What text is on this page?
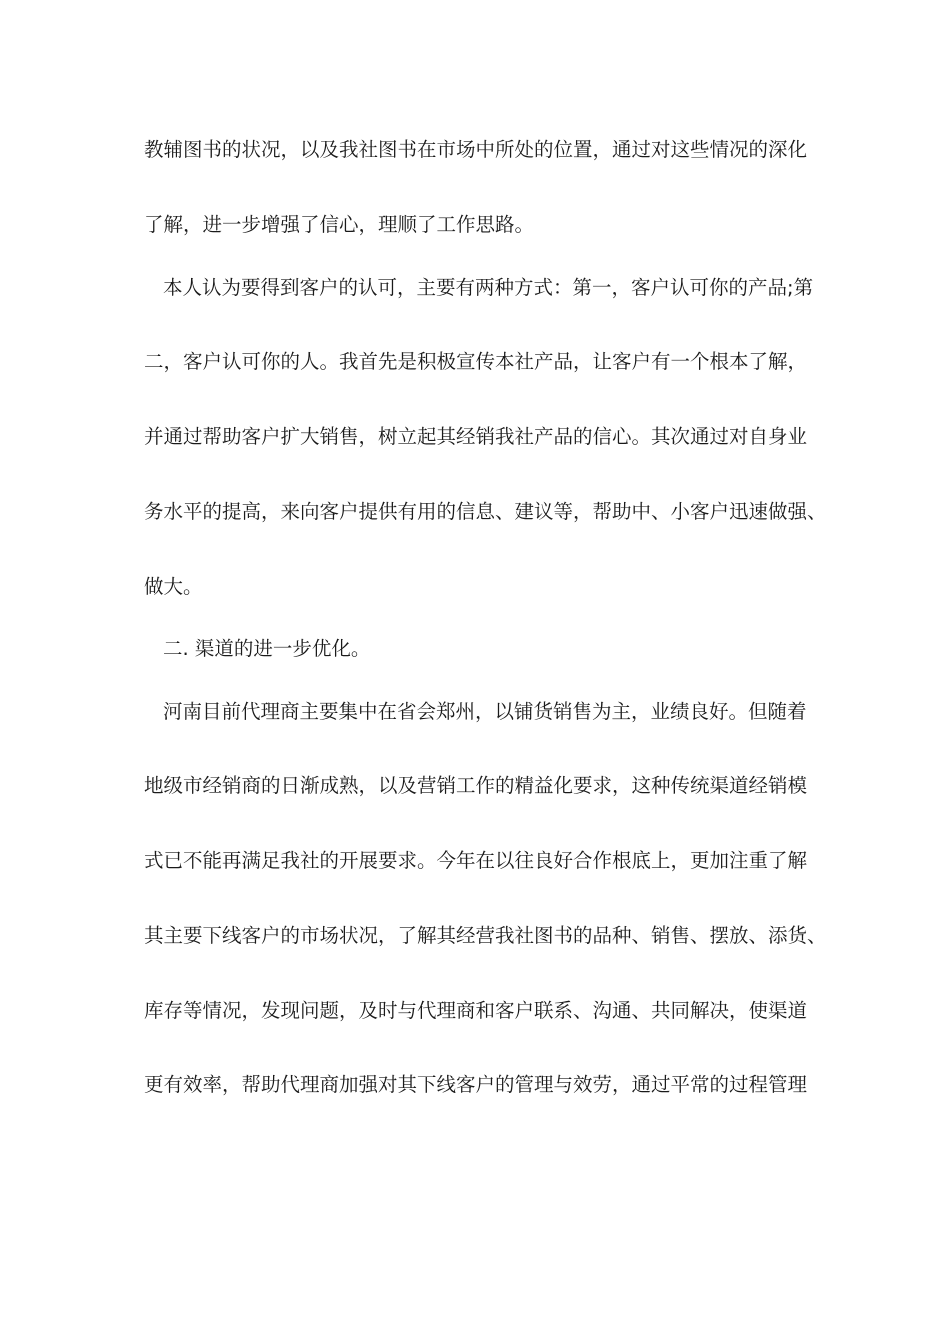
教辅图书的状况，以及我社图书在市场中所处的位置，通过对这些情况的深化
了解，进一步增强了信心，理顺了工作思路。
本人认为要得到客户的认可，主要有两种方式：第一，客户认可你的产品;第
二，客户认可你的人。我首先是积极宣传本社产品，让客户有一个根本了解，
并通过帮助客户扩大销售，树立起其经销我社产品的信心。其次通过对自身业
务水平的提高，来向客户提供有用的信息、建议等，帮助中、小客户迅速做强、
做大。
二. 渠道的进一步优化。
河南目前代理商主要集中在省会郑州，以铺货销售为主，业绩良好。但随着
地级市经销商的日渐成熟，以及营销工作的精益化要求，这种传统渠道经销模
式已不能再满足我社的开展要求。今年在以往良好合作根底上，更加注重了解
其主要下线客户的市场状况，了解其经营我社图书的品种、销售、摆放、添货、
库存等情况，发现问题，及时与代理商和客户联系、沟通、共同解决，使渠道
更有效率，帮助代理商加强对其下线客户的管理与效劳，通过平常的过程管理
